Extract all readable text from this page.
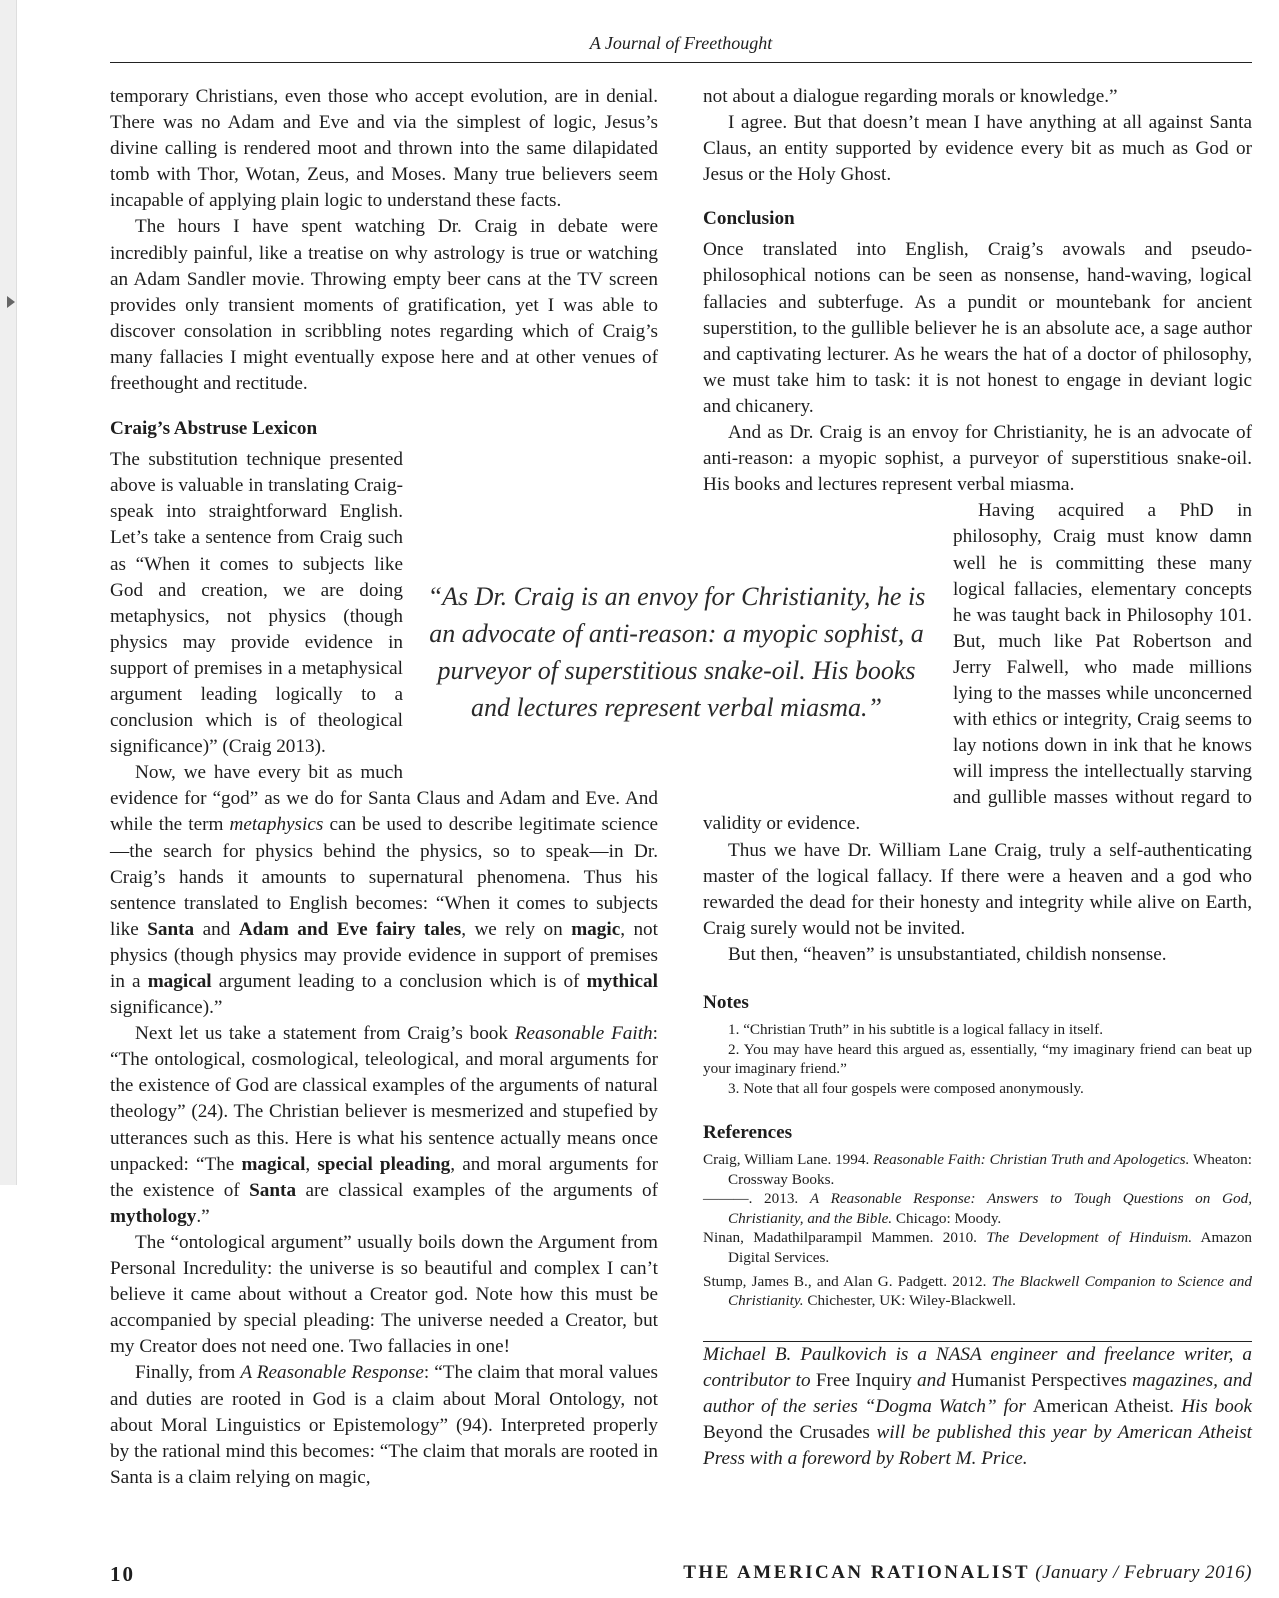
A Journal of Freethought

temporary Christians, even those who accept evolution, are in denial. There was no Adam and Eve and via the simplest of logic, Jesus’s divine calling is rendered moot and thrown into the same dilapidated tomb with Thor, Wotan, Zeus, and Moses. Many true believers seem incapable of applying plain logic to understand these facts.

The hours I have spent watching Dr. Craig in debate were incredibly painful, like a treatise on why astrology is true or watching an Adam Sandler movie. Throwing empty beer cans at the TV screen provides only transient moments of gratification, yet I was able to discover consolation in scribbling notes regarding which of Craig’s many fallacies I might eventually expose here and at other venues of freethought and rectitude.

Craig’s Abstruse Lexicon

The substitution technique presented above is valuable in translating Craig-speak into straightforward English. Let’s take a sentence from Craig such as “When it comes to subjects like God and creation, we are doing metaphysics, not physics (though physics may provide evidence in support of premises in a metaphysical argument leading logically to a conclusion which is of theological significance)” (Craig 2013).

Now, we have every bit as much evidence for “god” as we do for Santa Claus and Adam and Eve. And while the term metaphysics can be used to describe legitimate science—the search for physics behind the physics, so to speak—in Dr. Craig’s hands it amounts to supernatural phenomena. Thus his sentence translated to English becomes: “When it comes to subjects like Santa and Adam and Eve fairy tales, we rely on magic, not physics (though physics may provide evidence in support of premises in a magical argument leading to a conclusion which is of mythical significance).”

Next let us take a statement from Craig’s book Reasonable Faith: “The ontological, cosmological, teleological, and moral arguments for the existence of God are classical examples of the arguments of natural theology” (24). The Christian believer is mesmerized and stupefied by utterances such as this. Here is what his sentence actually means once unpacked: “The magical, special pleading, and moral arguments for the existence of Santa are classical examples of the arguments of mythology.”

The “ontological argument” usually boils down the Argument from Personal Incredulity: the universe is so beautiful and complex I can’t believe it came about without a Creator god. Note how this must be accompanied by special pleading: The universe needed a Creator, but my Creator does not need one. Two fallacies in one!

Finally, from A Reasonable Response: “The claim that moral values and duties are rooted in God is a claim about Moral Ontology, not about Moral Linguistics or Epistemology” (94). Interpreted properly by the rational mind this becomes: “The claim that morals are rooted in Santa is a claim relying on magic,

“As Dr. Craig is an envoy for Christianity, he is an advocate of anti-reason: a myopic sophist, a purveyor of superstitious snake-oil. His books and lectures represent verbal miasma.”

not about a dialogue regarding morals or knowledge.”

I agree. But that doesn’t mean I have anything at all against Santa Claus, an entity supported by evidence every bit as much as God or Jesus or the Holy Ghost.

Conclusion

Once translated into English, Craig’s avowals and pseudo-philosophical notions can be seen as nonsense, hand-waving, logical fallacies and subterfuge. As a pundit or mountebank for ancient superstition, to the gullible believer he is an absolute ace, a sage author and captivating lecturer. As he wears the hat of a doctor of philosophy, we must take him to task: it is not honest to engage in deviant logic and chicanery.

And as Dr. Craig is an envoy for Christianity, he is an advocate of anti-reason: a myopic sophist, a purveyor of superstitious snake-oil. His books and lectures represent verbal miasma.

Having acquired a PhD in philosophy, Craig must know damn well he is committing these many logical fallacies, elementary concepts he was taught back in Philosophy 101. But, much like Pat Robertson and Jerry Falwell, who made millions lying to the masses while unconcerned with ethics or integrity, Craig seems to lay notions down in ink that he knows will impress the intellectually starving and gullible masses without regard to validity or evidence.

Thus we have Dr. William Lane Craig, truly a self-authenticating master of the logical fallacy. If there were a heaven and a god who rewarded the dead for their honesty and integrity while alive on Earth, Craig surely would not be invited.

But then, “heaven” is unsubstantiated, childish nonsense.

Notes

1. “Christian Truth” in his subtitle is a logical fallacy in itself.

2. You may have heard this argued as, essentially, “my imaginary friend can beat up your imaginary friend.”

3. Note that all four gospels were composed anonymously.

References

Craig, William Lane. 1994. Reasonable Faith: Christian Truth and Apologetics. Wheaton: Crossway Books.

———. 2013. A Reasonable Response: Answers to Tough Questions on God, Christianity, and the Bible. Chicago: Moody.

Ninan, Madathilparampil Mammen. 2010. The Development of Hinduism. Amazon Digital Services.

Stump, James B., and Alan G. Padgett. 2012. The Blackwell Companion to Science and Christianity. Chichester, UK: Wiley-Blackwell.

Michael B. Paulkovich is a NASA engineer and freelance writer, a contributor to Free Inquiry and Humanist Perspectives magazines, and author of the series “Dogma Watch” for American Atheist. His book Beyond the Crusades will be published this year by American Atheist Press with a foreword by Robert M. Price.

10	THE AMERICAN RATIONALIST (January / February 2016)
